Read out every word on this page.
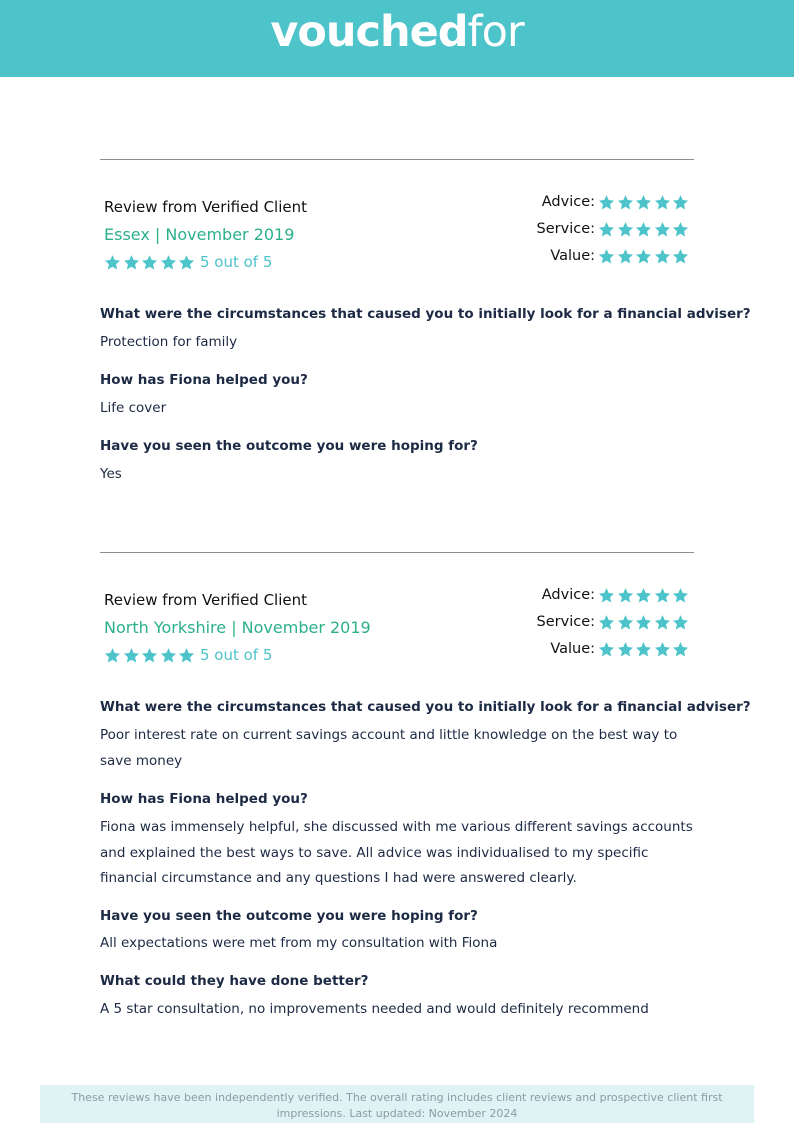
vouchedfor
Review from Verified Client
Essex | November 2019
5 out of 5
Advice:
Service:
Value:
What were the circumstances that caused you to initially look for a financial adviser?
Protection for family
How has Fiona helped you?
Life cover
Have you seen the outcome you were hoping for?
Yes
Review from Verified Client
North Yorkshire | November 2019
5 out of 5
Advice:
Service:
Value:
What were the circumstances that caused you to initially look for a financial adviser?
Poor interest rate on current savings account and little knowledge on the best way to save money
How has Fiona helped you?
Fiona was immensely helpful, she discussed with me various different savings accounts and explained the best ways to save. All advice was individualised to my specific financial circumstance and any questions I had were answered clearly.
Have you seen the outcome you were hoping for?
All expectations were met from my consultation with Fiona
What could they have done better?
A 5 star consultation, no improvements needed and would definitely recommend
These reviews have been independently verified. The overall rating includes client reviews and prospective client first impressions. Last updated: November 2024
